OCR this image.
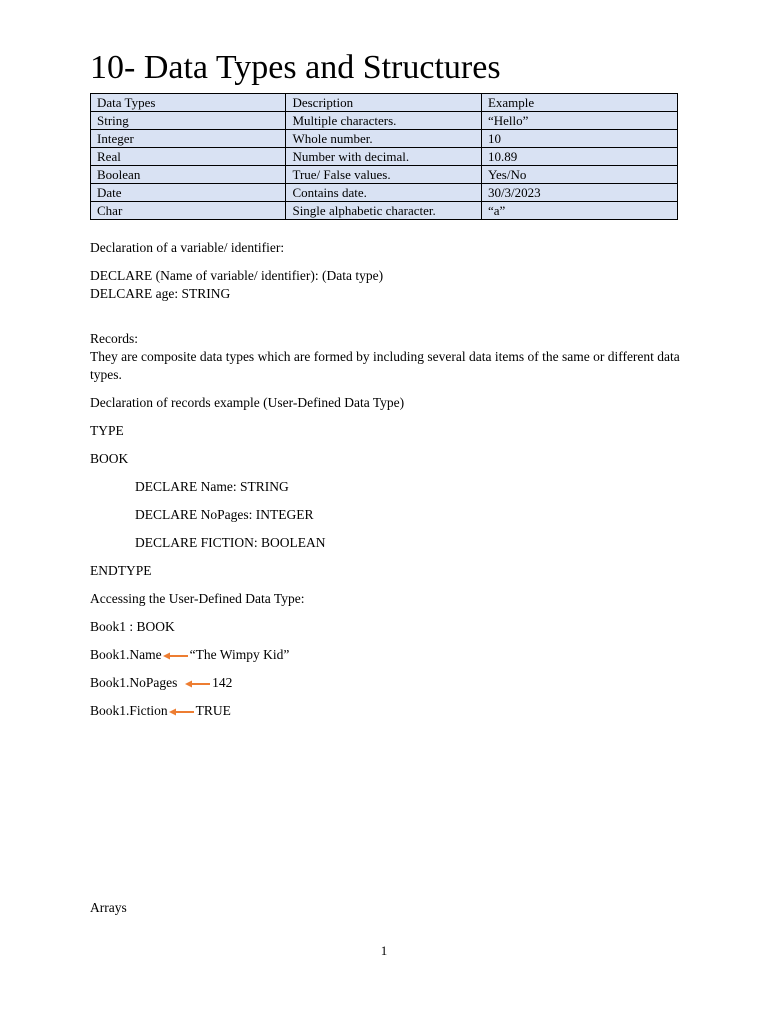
10- Data Types and Structures
Data Types	Description	Example
String	Multiple characters.	“Hello”
Integer	Whole number.	10
Real	Number with decimal.	10.89
Boolean	True/ False values.	Yes/No
Date	Contains date.	30/3/2023
Char	Single alphabetic character.	“a”
Declaration of a variable/ identifier:
DECLARE (Name of variable/ identifier): (Data type)
DELCARE age: STRING
Records:
They are composite data types which are formed by including several data items of the same or different data types.
Declaration of records example (User-Defined Data Type)
TYPE
BOOK
DECLARE Name: STRING
DECLARE NoPages: INTEGER
DECLARE FICTION: BOOLEAN
ENDTYPE
Accessing the User-Defined Data Type:
Book1 : BOOK
Book1.Name “The Wimpy Kid”
Book1.NoPages	142
Book1.Fiction TRUE
Arrays
1
